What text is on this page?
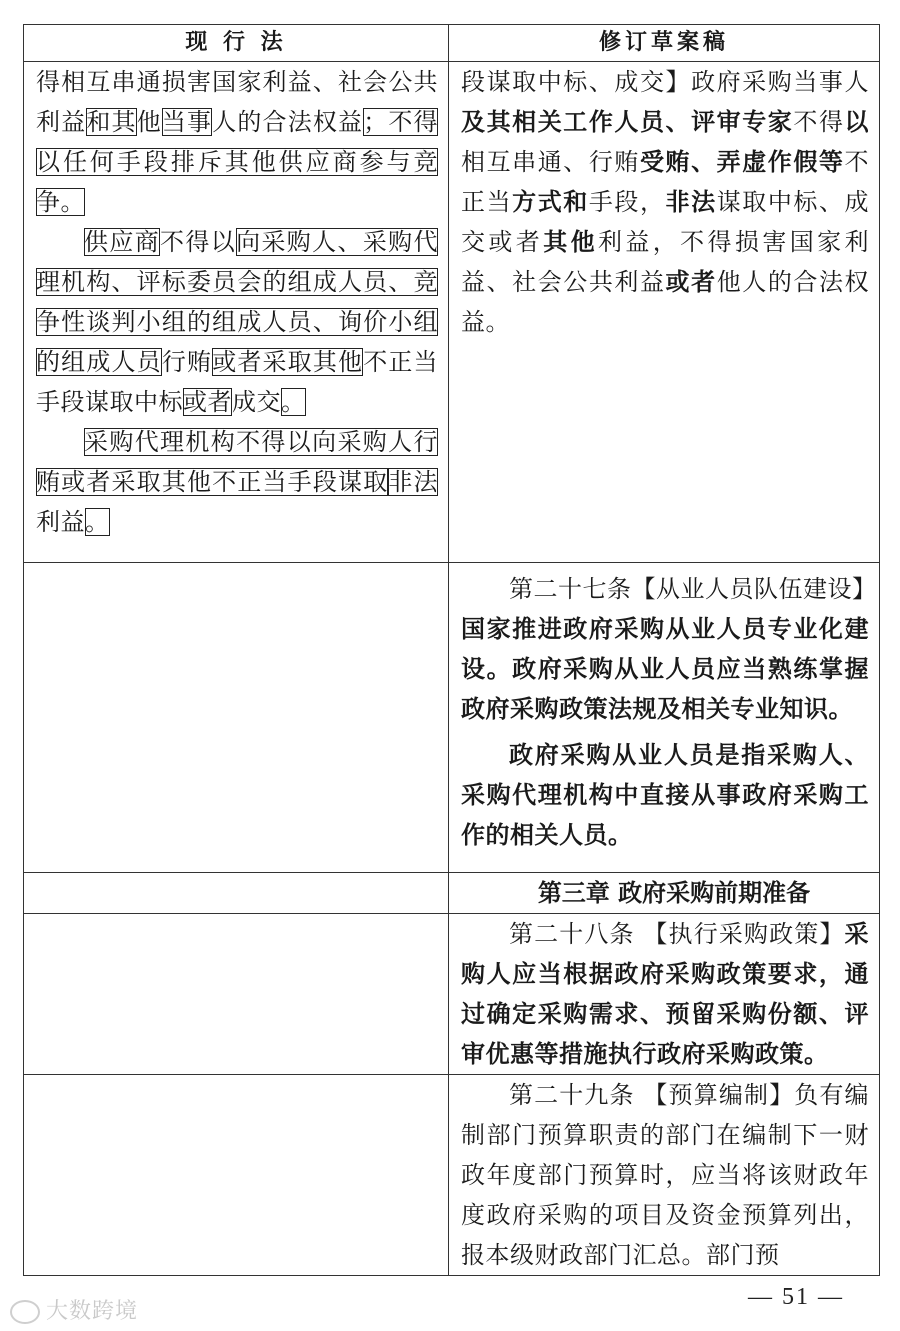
现 行 法	修订草案稿

得相互串通损害国家利益、社会公共利益和其他当事人的合法权益；不得以任何手段排斥其他供应商参与竞争。

供应商不得以向采购人、采购代理机构、评标委员会的组成人员、竞争性谈判小组的组成人员、询价小组的组成人员行贿或者采取其他不正当手段谋取中标或者成交。

采购代理机构不得以向采购人行贿或者采取其他不正当手段谋取非法利益。	段谋取中标、成交】政府采购当事人及其相关工作人员、评审专家不得以相互串通、行贿受贿、弄虚作假等不正当方式和手段，非法谋取中标、成交或者其他利益，不得损害国家利益、社会公共利益或者他人的合法权益。

	第二十七条【从业人员队伍建设】国家推进政府采购从业人员专业化建设。政府采购从业人员应当熟练掌握政府采购政策法规及相关专业知识。

政府采购从业人员是指采购人、采购代理机构中直接从事政府采购工作的相关人员。

	第三章 政府采购前期准备

	第二十八条 【执行采购政策】采购人应当根据政府采购政策要求，通过确定采购需求、预留采购份额、评审优惠等措施执行政府采购政策。

	第二十九条 【预算编制】负有编制部门预算职责的部门在编制下一财政年度部门预算时，应当将该财政年度政府采购的项目及资金预算列出，报本级财政部门汇总。部门预

大数跨境
— 51 —
